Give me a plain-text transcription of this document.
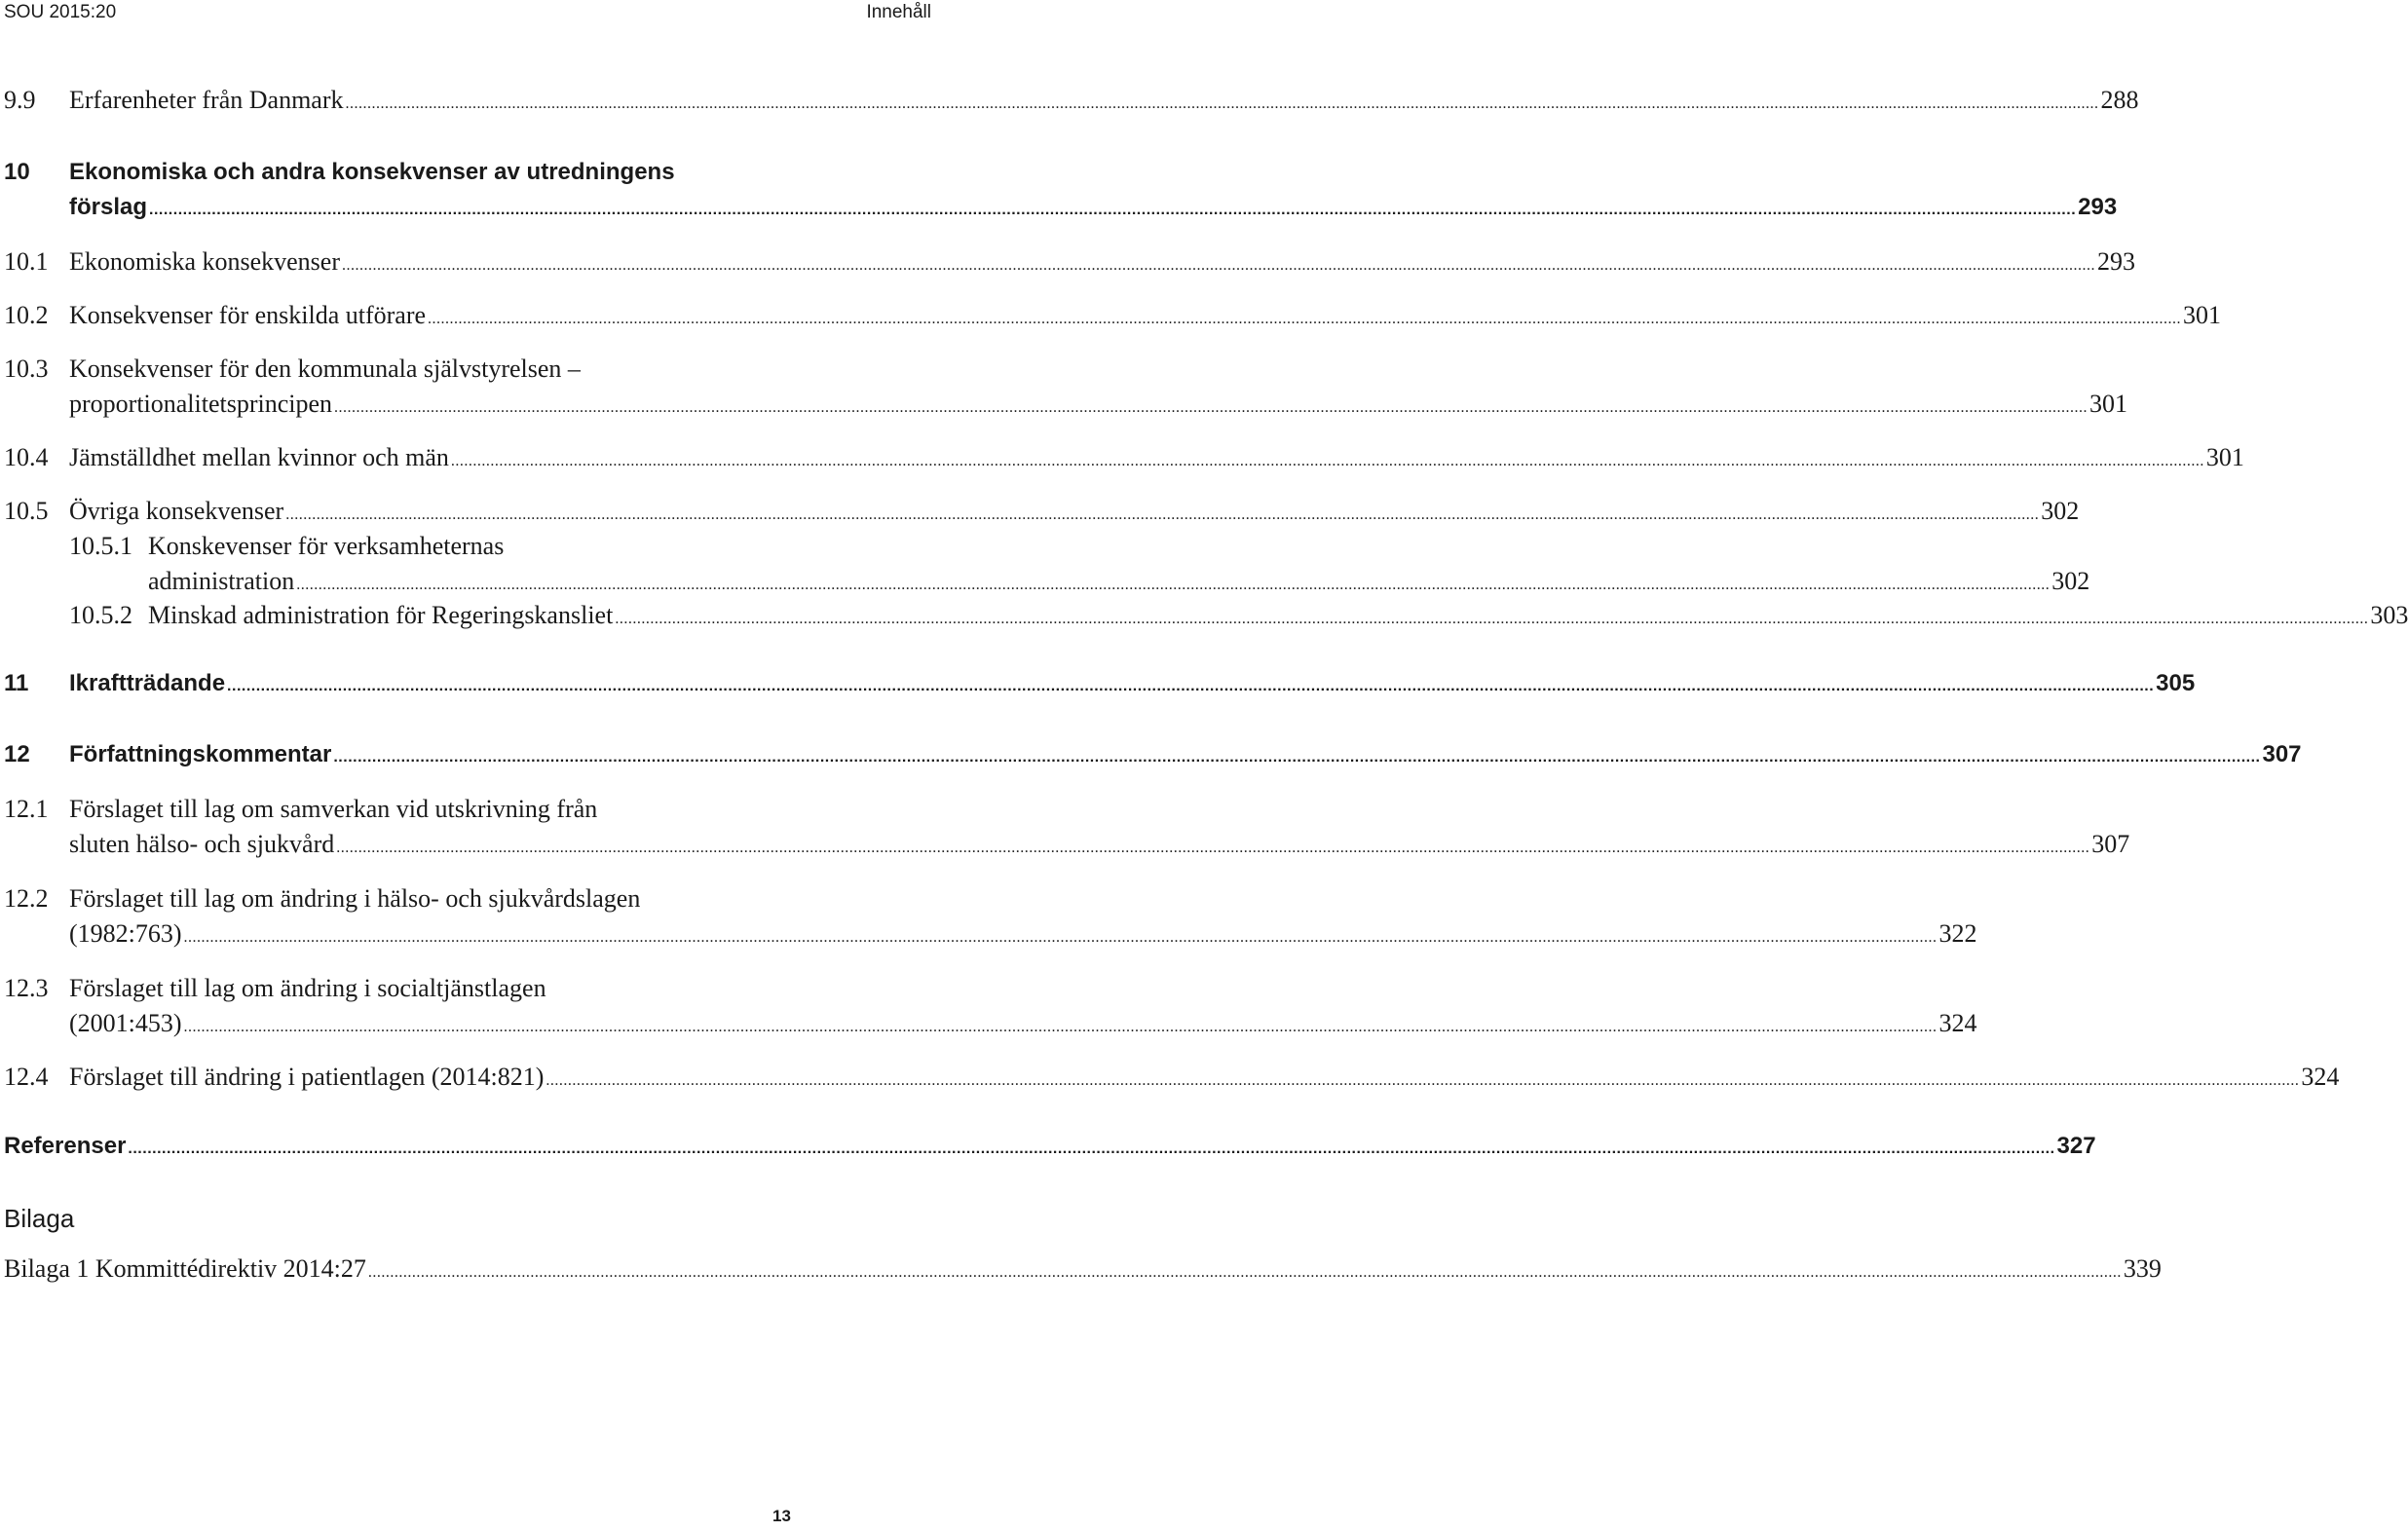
SOU 2015:20	Innehåll
9.9 Erfarenheter från Danmark ................................................................................................................................................................................................................................................................................................................................................................................................................ 288
10 Ekonomiska och andra konsekvenser av utredningens
förslag ................................................................................................................................................................................................................................................................................................................................................................................................................ 293
10.1 Ekonomiska konsekvenser ................................................................................................................................................................................................................................................................................................................................................................................................................ 293
10.2 Konsekvenser för enskilda utförare ................................................................................................................................................................................................................................................................................................................................................................................................................ 301
10.3 Konsekvenser för den kommunala självstyrelsen –
proportionalitetsprincipen ................................................................................................................................................................................................................................................................................................................................................................................................................ 301
10.4 Jämställdhet mellan kvinnor och män ................................................................................................................................................................................................................................................................................................................................................................................................................ 301
10.5 Övriga konsekvenser ................................................................................................................................................................................................................................................................................................................................................................................................................ 302
10.5.1 Konskevenser för verksamheternas
administration ................................................................................................................................................................................................................................................................................................................................................................................................................ 302
10.5.2 Minskad administration för Regeringskansliet ................................................................................................................................................................................................................................................................................................................................................................................................................ 303
11 Ikraftträdande ................................................................................................................................................................................................................................................................................................................................................................................................................ 305
12 Författningskommentar ................................................................................................................................................................................................................................................................................................................................................................................................................ 307
12.1 Förslaget till lag om samverkan vid utskrivning från
sluten hälso- och sjukvård ................................................................................................................................................................................................................................................................................................................................................................................................................ 307
12.2 Förslaget till lag om ändring i hälso- och sjukvårdslagen
(1982:763) ................................................................................................................................................................................................................................................................................................................................................................................................................ 322
12.3 Förslaget till lag om ändring i socialtjänstlagen
(2001:453) ................................................................................................................................................................................................................................................................................................................................................................................................................ 324
12.4 Förslaget till ändring i patientlagen (2014:821) ................................................................................................................................................................................................................................................................................................................................................................................................................ 324
Referenser ................................................................................................................................................................................................................................................................................................................................................................................................................ 327
Bilaga
Bilaga 1 Kommittédirektiv 2014:27 ................................................................................................................................................................................................................................................................................................................................................................................................................ 339
13
